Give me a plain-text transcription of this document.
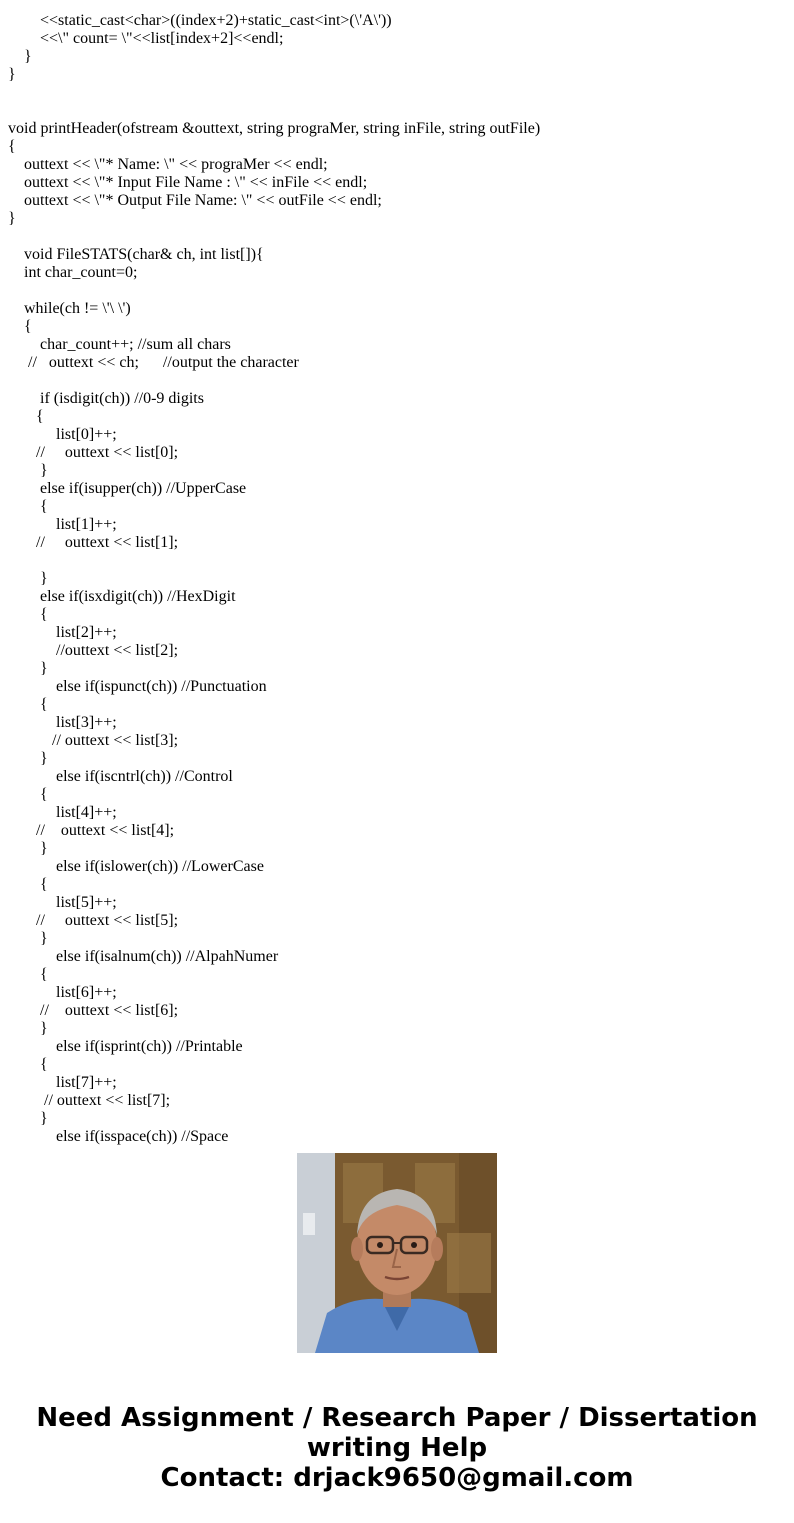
<<static_cast<char>((index+2)+static_cast<int>(\'A\'))
<<\" count= \"<<list[index+2]<<endl;
}
}
void printHeader(ofstream &outtext, string prograMer, string inFile, string outFile)
{
outtext << \"* Name: \" << prograMer << endl;
outtext << \"* Input File Name : \" << inFile << endl;
outtext << \"* Output File Name: \" << outFile << endl;
}
void FileSTATS(char& ch, int list[]){
int char_count=0;
while(ch != \'\ \')
{
char_count++; //sum all chars
//   outtext << ch;      //output the character
if (isdigit(ch)) //0-9 digits
{
list[0]++;
//     outtext << list[0];
}
else if(isupper(ch)) //UpperCase
{
list[1]++;
//     outtext << list[1];
}
else if(isxdigit(ch)) //HexDigit
{
list[2]++;
//outtext << list[2];
}
else if(ispunct(ch)) //Punctuation
{
list[3]++;
// outtext << list[3];
}
else if(iscntrl(ch)) //Control
{
list[4]++;
//    outtext << list[4];
}
else if(islower(ch)) //LowerCase
{
list[5]++;
//     outtext << list[5];
}
else if(isalnum(ch)) //AlpahNumer
{
list[6]++;
//    outtext << list[6];
}
else if(isprint(ch)) //Printable
{
list[7]++;
// outtext << list[7];
}
else if(isspace(ch)) //Space
Need Assignment / Research Paper / Dissertation
writing Help
Contact: drjack9650@gmail.com
